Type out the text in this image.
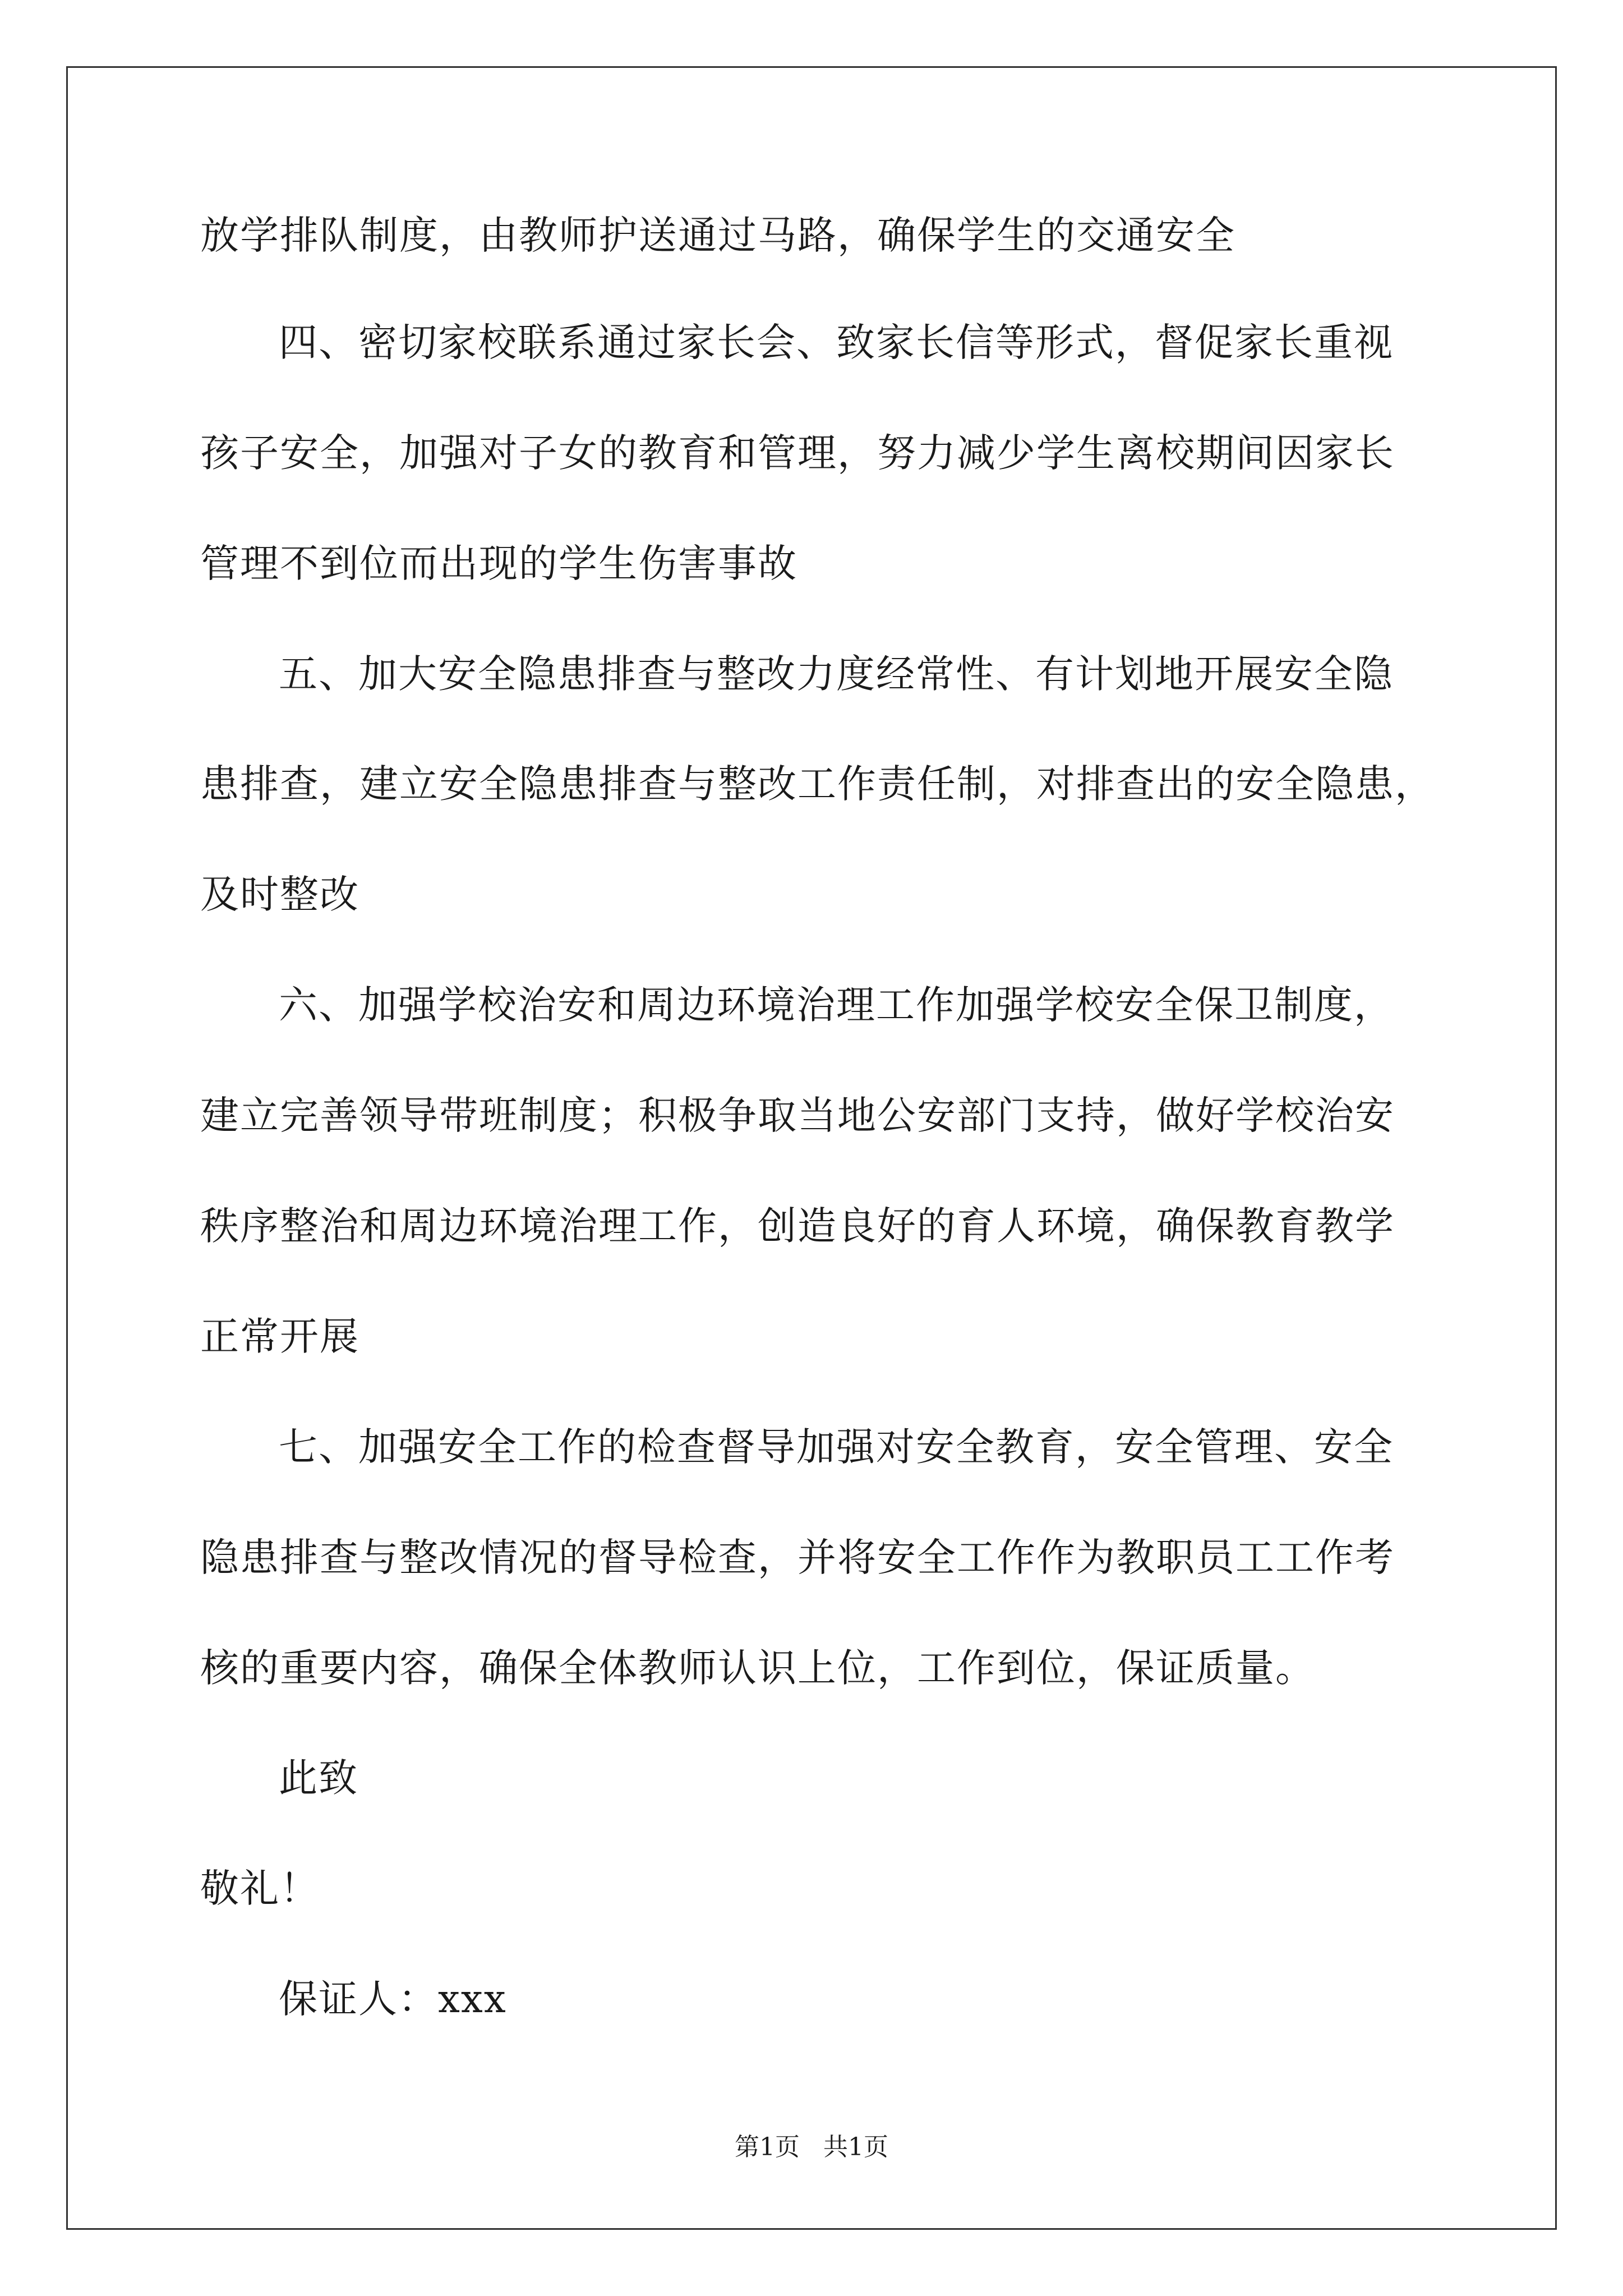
放学排队制度，由教师护送通过马路，确保学生的交通安全
四、密切家校联系通过家长会、致家长信等形式，督促家长重视
孩子安全，加强对子女的教育和管理，努力减少学生离校期间因家长
管理不到位而出现的学生伤害事故
五、加大安全隐患排查与整改力度经常性、有计划地开展安全隐
患排查，建立安全隐患排查与整改工作责任制，对排查出的安全隐患，
及时整改
六、加强学校治安和周边环境治理工作加强学校安全保卫制度，
建立完善领导带班制度；积极争取当地公安部门支持，做好学校治安
秩序整治和周边环境治理工作，创造良好的育人环境，确保教育教学
正常开展
七、加强安全工作的检查督导加强对安全教育，安全管理、安全
隐患排查与整改情况的督导检查，并将安全工作作为教职员工工作考
核的重要内容，确保全体教师认识上位，工作到位，保证质量。
此致
敬礼！
保证人：xxx
第1页   共1页
